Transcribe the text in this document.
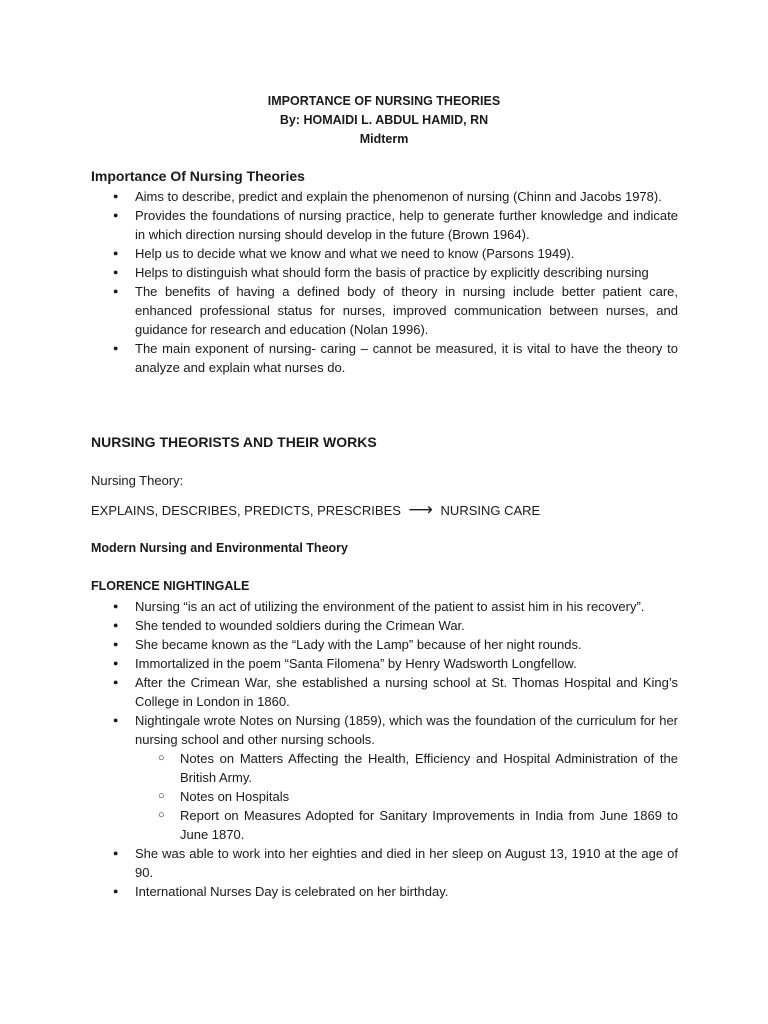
IMPORTANCE OF NURSING THEORIES
By: HOMAIDI L. ABDUL HAMID, RN
Midterm
Importance Of Nursing Theories
● Aims to describe, predict and explain the phenomenon of nursing (Chinn and Jacobs 1978).
● Provides the foundations of nursing practice, help to generate further knowledge and indicate in which direction nursing should develop in the future (Brown 1964).
● Help us to decide what we know and what we need to know (Parsons 1949).
● Helps to distinguish what should form the basis of practice by explicitly describing nursing
● The benefits of having a defined body of theory in nursing include better patient care, enhanced professional status for nurses, improved communication between nurses, and guidance for research and education (Nolan 1996).
● The main exponent of nursing- caring – cannot be measured, it is vital to have the theory to analyze and explain what nurses do.
NURSING THEORISTS AND THEIR WORKS
Nursing Theory:
EXPLAINS, DESCRIBES, PREDICTS, PRESCRIBES ⟶ NURSING CARE
Modern Nursing and Environmental Theory
FLORENCE NIGHTINGALE
● Nursing “is an act of utilizing the environment of the patient to assist him in his recovery”.
● She tended to wounded soldiers during the Crimean War.
● She became known as the “Lady with the Lamp” because of her night rounds.
● Immortalized in the poem “Santa Filomena” by Henry Wadsworth Longfellow.
● After the Crimean War, she established a nursing school at St. Thomas Hospital and King’s College in London in 1860.
● Nightingale wrote Notes on Nursing (1859), which was the foundation of the curriculum for her nursing school and other nursing schools.
○ Notes on Matters Affecting the Health, Efficiency and Hospital Administration of the British Army.
○ Notes on Hospitals
○ Report on Measures Adopted for Sanitary Improvements in India from June 1869 to June 1870.
● She was able to work into her eighties and died in her sleep on August 13, 1910 at the age of 90.
● International Nurses Day is celebrated on her birthday.
